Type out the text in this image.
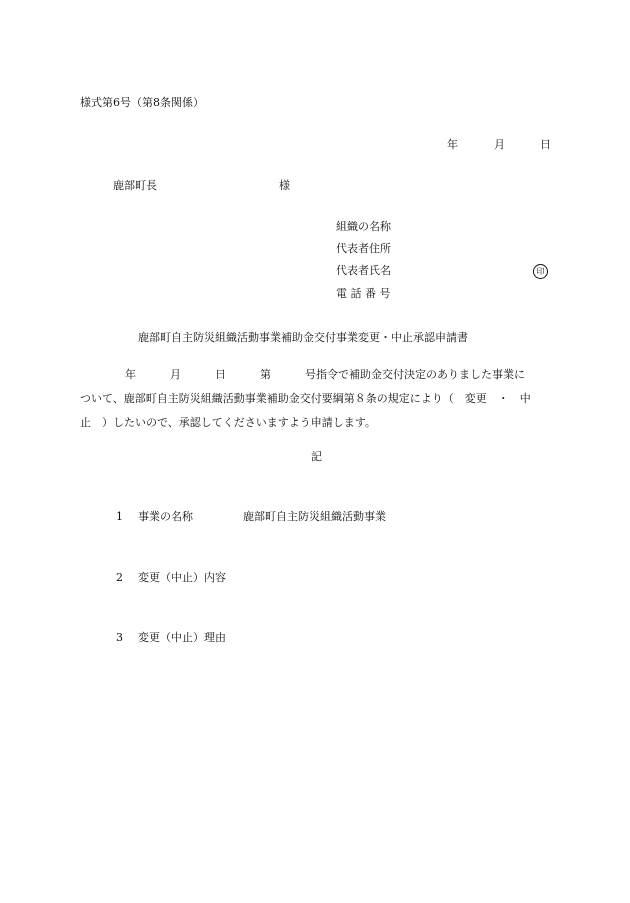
様式第6号（第8条関係）
年	月	日
鹿部町長	様
組織の名称
代表者住所
代表者氏名	印
電 話 番 号
鹿部町自主防災組織活動事業補助金交付事業変更・中止承認申請書
年	月	日	第	号指令で補助金交付決定のありました事業に
ついて、鹿部町自主防災組織活動事業補助金交付要綱第８条の規定により（　変更　・　中
止　）したいので、承認してくださいますよう申請します。
記
1 事業の名称	鹿部町自主防災組織活動事業
2 変更（中止）内容
3 変更（中止）理由
